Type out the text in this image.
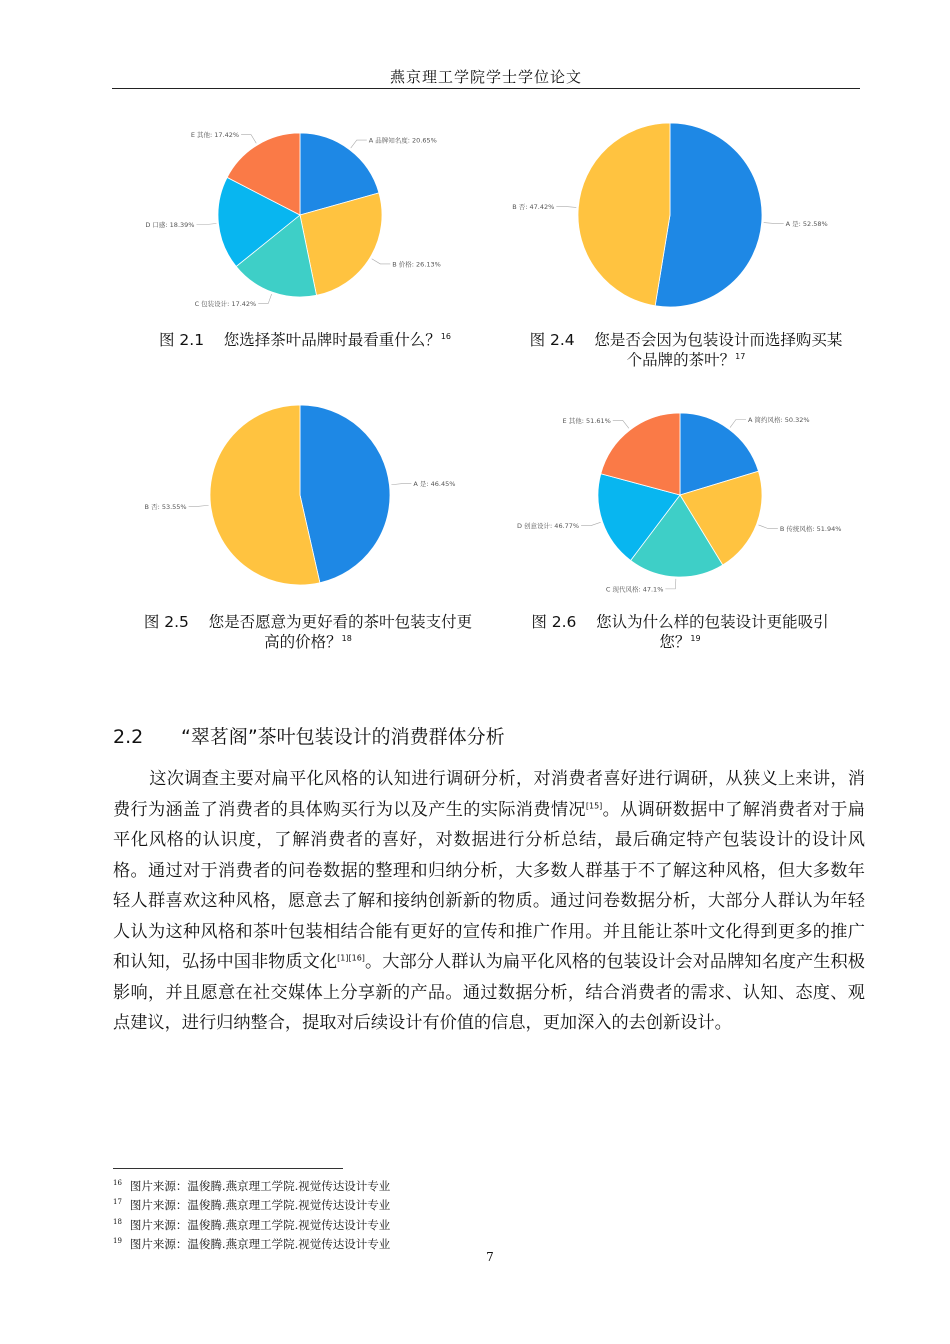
燕京理工学院学士学位论文
A 品牌知名度: 20.65%
B 价格: 26.13%
C 包装设计: 17.42%
D 口感: 18.39%
E 其他: 17.42%
A 是: 52.58%
B 否: 47.42%
A 是: 46.45%
B 否: 53.55%
A 简约风格: 50.32%
B 传统风格: 51.94%
C 现代风格: 47.1%
D 创意设计: 46.77%
E 其他: 51.61%
图 2.1 您选择茶叶品牌时最看重什么？$^{16}$	图 2.4 您是否会因为包装设计而选择购买某
个品牌的茶叶？$^{17}$
图 2.5 您是否愿意为更好看的茶叶包装支付更
高的价格？$^{18}$
图 2.6 您认为什么样的包装设计更能吸引
您？$^{19}$
2.2 “翠茗阁”茶叶包装设计的消费群体分析
这次调查主要对扁平化风格的认知进行调研分析，对消费者喜好进行调研，从狭义上来讲，消费行为涵盖了消费者的具体购买行为以及产生的实际消费情况[15]。从调研数据中了解消费者对于扁平化风格的认识度，了解消费者的喜好，对数据进行分析总结，最后确定特产包装设计的设计风格。通过对于消费者的问卷数据的整理和归纳分析，大多数人群基于不了解这种风格，但大多数年轻人群喜欢这种风格，愿意去了解和接纳创新新的物质。通过问卷数据分析，大部分人群认为年轻人认为这种风格和茶叶包装相结合能有更好的宣传和推广作用。并且能让茶叶文化得到更多的推广和认知，弘扬中国非物质文化[1][16]。大部分人群认为扁平化风格的包装设计会对品牌知名度产生积极影响，并且愿意在社交媒体上分享新的产品。通过数据分析，结合消费者的需求、认知、态度、观点建议，进行归纳整合，提取对后续设计有价值的信息，更加深入的去创新设计。
$^{16}$ 图片来源：温俊腾.燕京理工学院.视觉传达设计专业
$^{17}$ 图片来源：温俊腾.燕京理工学院.视觉传达设计专业
$^{18}$ 图片来源：温俊腾.燕京理工学院.视觉传达设计专业
$^{19}$ 图片来源：温俊腾.燕京理工学院.视觉传达设计专业
7
